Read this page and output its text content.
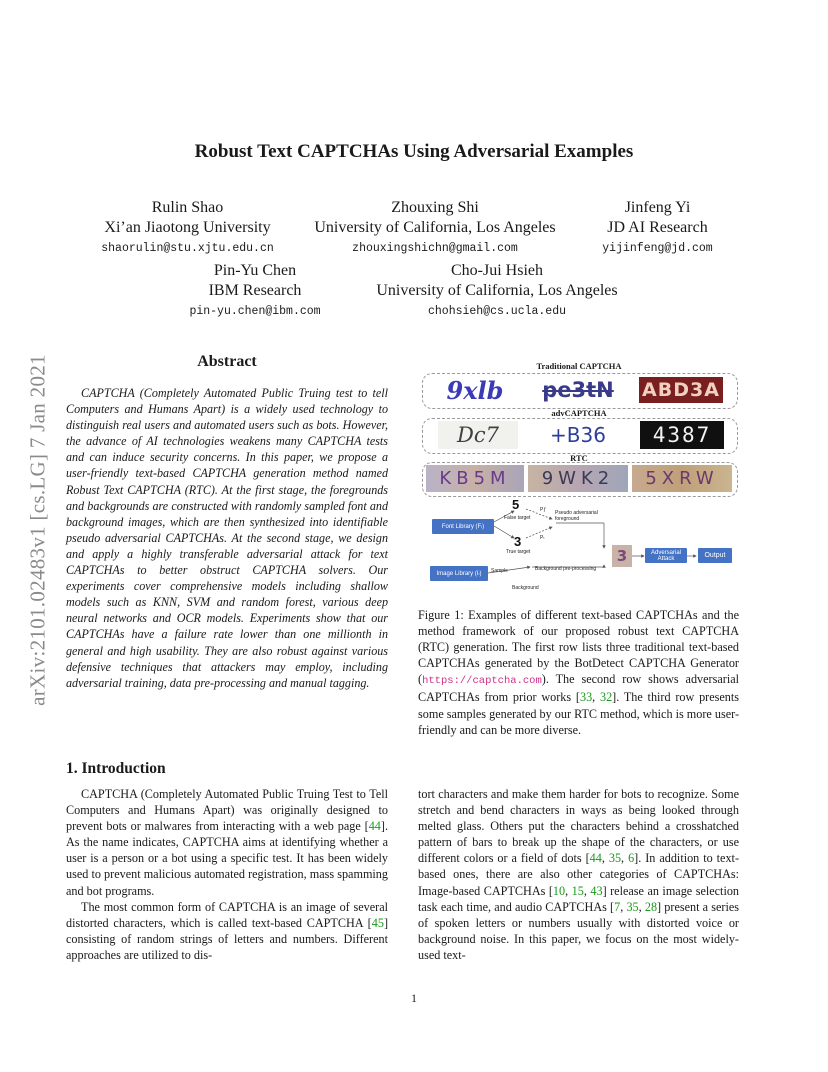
arXiv:2101.02483v1 [cs.LG] 7 Jan 2021
Robust Text CAPTCHAs Using Adversarial Examples
Rulin Shao
Xi’an Jiaotong University
shaorulin@stu.xjtu.edu.cn
Zhouxing Shi
University of California, Los Angeles
zhouxingshichn@gmail.com
Jinfeng Yi
JD AI Research
yijinfeng@jd.com
Pin-Yu Chen
IBM Research
pin-yu.chen@ibm.com
Cho-Jui Hsieh
University of California, Los Angeles
chohsieh@cs.ucla.edu
Abstract
CAPTCHA (Completely Automated Public Truing test to tell Computers and Humans Apart) is a widely used technology to distinguish real users and automated users such as bots. However, the advance of AI technologies weakens many CAPTCHA tests and can induce security concerns. In this paper, we propose a user-friendly text-based CAPTCHA generation method named Robust Text CAPTCHA (RTC). At the first stage, the foregrounds and backgrounds are constructed with randomly sampled font and background images, which are then synthesized into identifiable pseudo adversarial CAPTCHAs. At the second stage, we design and apply a highly transferable adversarial attack for text CAPTCHAs to better obstruct CAPTCHA solvers. Our experiments cover comprehensive models including shallow models such as KNN, SVM and random forest, various deep neural networks and OCR models. Experiments show that our CAPTCHAs have a failure rate lower than one millionth in general and high usability. They are also robust against various defensive techniques that attackers may employ, including adversarial training, data pre-processing and manual tagging.
1. Introduction

CAPTCHA (Completely Automated Public Truing Test to Tell Computers and Humans Apart) was originally designed to prevent bots or malwares from interacting with a web page [44]. As the name indicates, CAPTCHA aims at identifying whether a user is a person or a bot using a specific test. It has been widely used to prevent malicious automated registration, mass spamming and bot programs.

The most common form of CAPTCHA is an image of several distorted characters, which is called text-based CAPTCHA [45] consisting of random strings of letters and numbers. Different approaches are utilized to dis-

tort characters and make them harder for bots to recognize. Some stretch and bend characters in ways as being looked through melted glass. Others put the characters behind a crosshatched pattern of bars to break up the shape of the characters, or use different colors or a field of dots [44, 35, 6]. In addition to text-based ones, there are also other categories of CAPTCHAs: Image-based CAPTCHAs [10, 15, 43] release an image selection task each time, and audio CAPTCHAs [7, 35, 28] present a series of spoken letters or numbers usually with distorted voice or background noise. In this paper, we focus on the most widely-used text-

Traditional CAPTCHA
9xlb pe3tN ABD3A
advCAPTCHA
Dc7	+B36 4387
RTC
KB5M 9WK2 5XRW
Font Library (Fₗ)
Image Library (Iₗ)
Adversarial Attack	Output
5
False target
3
True target
Pƒ
Pₜ
Pseudo adversarial foreground
3
Background pre-processing
Sample
Background
Figure 1: Examples of different text-based CAPTCHAs and the method framework of our proposed robust text CAPTCHA (RTC) generation. The first row lists three traditional text-based CAPTCHAs generated by the BotDetect CAPTCHA Generator (https://captcha.com). The second row shows adversarial CAPTCHAs from prior works [33, 32]. The third row presents some samples generated by our RTC method, which is more user-friendly and can be more diverse.
1
